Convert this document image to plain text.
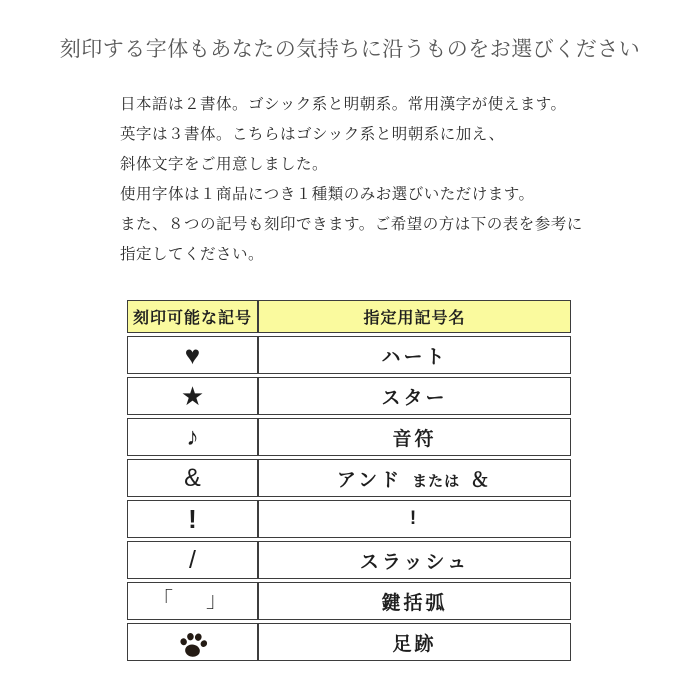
刻印する字体もあなたの気持ちに沿うものをお選びください
日本語は２書体。ゴシック系と明朝系。常用漢字が使えます。
英字は３書体。こちらはゴシック系と明朝系に加え、
斜体文字をご用意しました。
使用字体は１商品につき１種類のみお選びいただけます。
また、８つの記号も刻印できます。ご希望の方は下の表を参考に
指定してください。
刻印可能な記号	指定用記号名
♥	ハート
★	スター
♪	音符
&	アンド または ＆
!	!
/	スラッシュ
「　」	鍵括弧
	足跡
